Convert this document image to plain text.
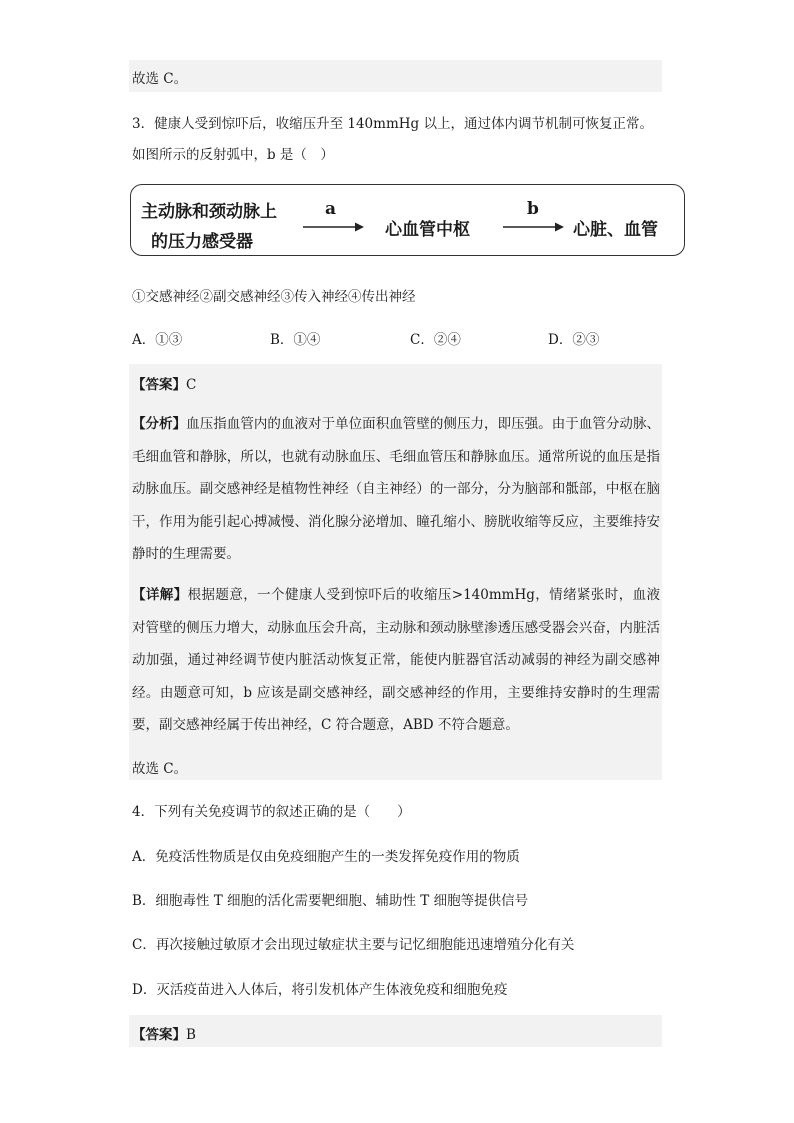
故选 C。
3．健康人受到惊吓后，收缩压升至 140mmHg 以上，通过体内调节机制可恢复正常。
如图所示的反射弧中，b 是（　）
主动脉和颈动脉上
的压力感受器
a
心血管中枢
b
心脏、血管
①交感神经②副交感神经③传入神经④传出神经
A．①③	B．①④	C．②④	D．②③
【答案】C
【分析】血压指血管内的血液对于单位面积血管壁的侧压力，即压强。由于血管分动脉、毛细血管和静脉，所以，也就有动脉血压、毛细血管压和静脉血压。通常所说的血压是指动脉血压。副交感神经是植物性神经（自主神经）的一部分，分为脑部和骶部，中枢在脑干，作用为能引起心搏减慢、消化腺分泌增加、瞳孔缩小、膀胱收缩等反应，主要维持安静时的生理需要。
【详解】根据题意，一个健康人受到惊吓后的收缩压>140mmHg，情绪紧张时，血液对管壁的侧压力增大，动脉血压会升高，主动脉和颈动脉壁渗透压感受器会兴奋，内脏活动加强，通过神经调节使内脏活动恢复正常，能使内脏器官活动减弱的神经为副交感神经。由题意可知，b 应该是副交感神经，副交感神经的作用，主要维持安静时的生理需要，副交感神经属于传出神经，C 符合题意，ABD 不符合题意。
故选 C。
4．下列有关免疫调节的叙述正确的是（　　）
A．免疫活性物质是仅由免疫细胞产生的一类发挥免疫作用的物质
B．细胞毒性 T 细胞的活化需要靶细胞、辅助性 T 细胞等提供信号
C．再次接触过敏原才会出现过敏症状主要与记忆细胞能迅速增殖分化有关
D．灭活疫苗进入人体后，将引发机体产生体液免疫和细胞免疫
【答案】B
